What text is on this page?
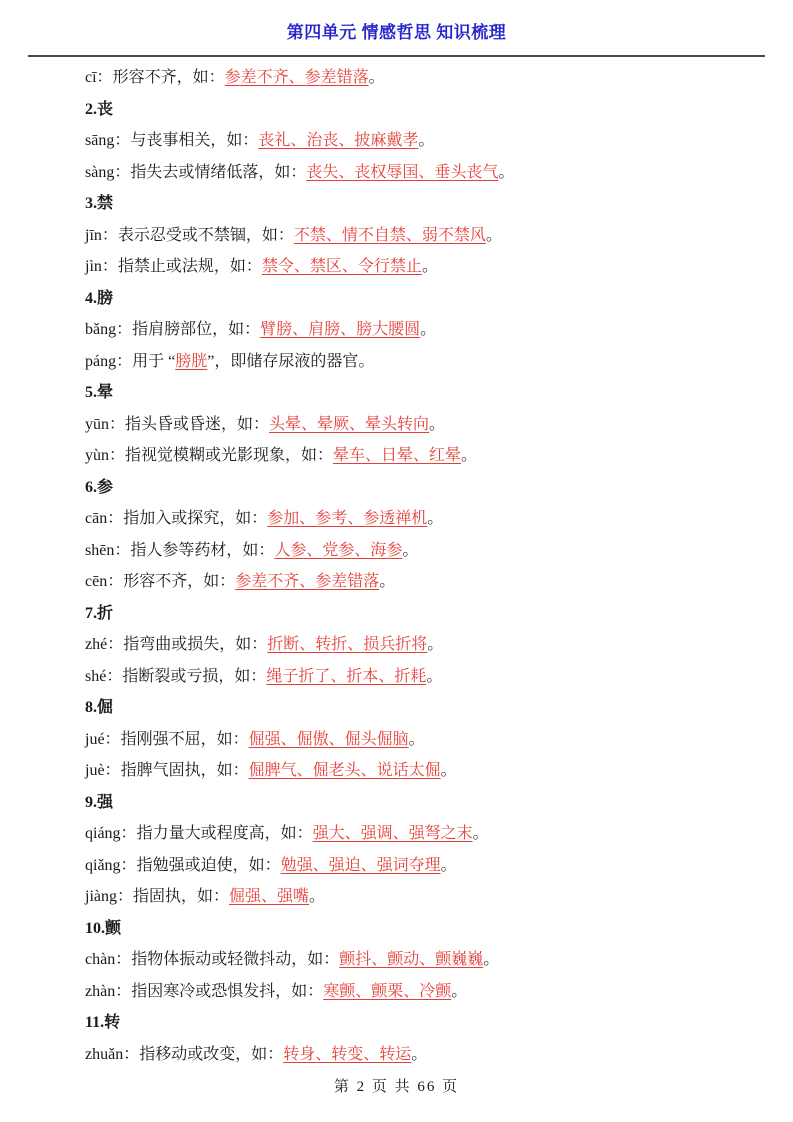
第四单元 情感哲思 知识梳理
cī：形容不齐，如：参差不齐、参差错落。
2.丧
sāng：与丧事相关，如：丧礼、治丧、披麻戴孝。
sàng：指失去或情绪低落，如：丧失、丧权辱国、垂头丧气。
3.禁
jīn：表示忍受或不禁锢，如：不禁、情不自禁、弱不禁风。
jìn：指禁止或法规，如：禁令、禁区、令行禁止。
4.膀
bǎng：指肩膀部位，如：臂膀、肩膀、膀大腰圆。
páng：用于 “膀胱”，即储存尿液的器官。
5.晕
yūn：指头昏或昏迷，如：头晕、晕厥、晕头转向。
yùn：指视觉模糊或光影现象，如：晕车、日晕、红晕。
6.参
cān：指加入或探究，如：参加、参考、参透禅机。
shēn：指人参等药材，如：人参、党参、海参。
cēn：形容不齐，如：参差不齐、参差错落。
7.折
zhé：指弯曲或损失，如：折断、转折、损兵折将。
shé：指断裂或亏损，如：绳子折了、折本、折耗。
8.倔
jué：指刚强不屈，如：倔强、倔傲、倔头倔脑。
juè：指脾气固执，如：倔脾气、倔老头、说话太倔。
9.强
qiáng：指力量大或程度高，如：强大、强调、强弩之末。
qiǎng：指勉强或迫使，如：勉强、强迫、强词夺理。
jiàng：指固执，如：倔强、强嘴。
10.颤
chàn：指物体振动或轻微抖动，如：颤抖、颤动、颤巍巍。
zhàn：指因寒冷或恐惧发抖，如：寒颤、颤栗、冷颤。
11.转
zhuǎn：指移动或改变，如：转身、转变、转运。
第 2 页 共 66 页
